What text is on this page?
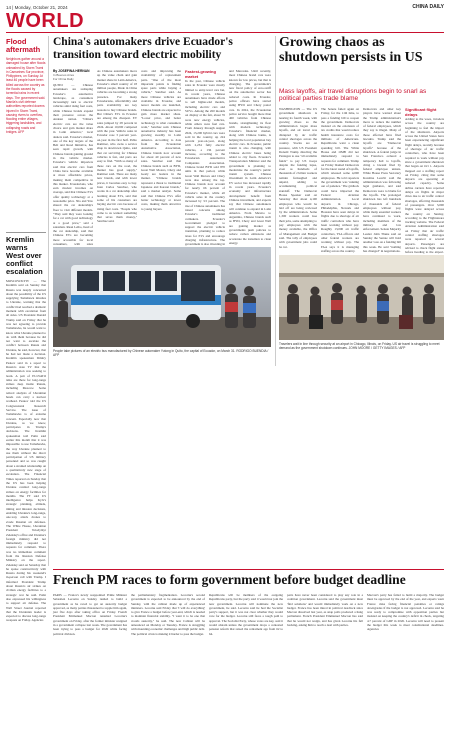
14 | Monday, October 21, 2024	CHINA DAILY
WORLD
Flood aftermath
Neighbors gather around a damaged house after floods unleashed by Storm Trami in Camarines Sur province, Philippines, on Sunday. At least 46 people have been killed across the country as the floods caused by torrential rains in recent days. The government said. Manila's civil defense authorities reported dozens injured in Storm Trami, causing rivers to overflow, flooding entire villages, triggering landslides, and collapsing roads and bridges. AFP
Kremlin warns West over conflict escalation
MOSCOW/KYIV — The Kremlin said on Sunday that Russia was deeply concerned about the possibility of the US supplying Tomahawk missiles to Ukraine, warning that the conflict had reached a dramatic moment with escalation from all sides. US President Donald Trump said on Friday that he was not agreeing to provide Tomahawks, he would want to know what Ukraine planned to do with them because he did not want to escalate the conflict between Russia and Ukraine, he said, however, that he had not made a decision. Kremlin spokesman Dmitry Peskov said in a report to Russia's state TV that the administration was seeking to learn. A pair of EU-NATO talks are there for long-range strikes deep inside Russia, including Moscow. Some retired analysts of Ukrainian heads can carry a nuclear warhead. Peskov told the US Congressional Research Service. The issue of Tomahawks is of extreme concern. Especially now that Ukraine, as we know, participates in Trump's decisions. The Kremlin spokesman told Putin said earlier this month that it was impossible to use Tomahawks, the way Ukraine planned to use them without the direct participation of US military personnel and so was caught about a strained relationship on a qualitatively new stage of escalation. The Financial Times reported on Sunday that the US has been helping Ukraine conduct long-range strikes on energy facilities for months. The FT said US intelligence helps Kyiv's strategic planning, altitude, timing and mission decisions, enabling Ukraine's long-range, one-way attack drones to evade Russian air defenses. The White House, Ukrainian President Volodymyr Zelensky's office and Ukraine's foreign ministry did not immediately respond to requests for comment. There was no immediate comment from the Russian Defense Ministry on the report. Zelensky said on Saturday that he spoke constructively with Russia during his weekend's in-person call with Trump. I informed President Trump about Russia's air strikes on civilian energy facilities to a strategic war he said. Putin also expressed his willingness to support air defense. The Wall Street Journal reported that the Ukrainian leader is expected to discuss long-range weapons on Friday. Agencies
China's automakers drive Ecuador's transition toward electric mobility
By JOSEFINA HERNAN
In Buenos Aires
For China Daily
QUITO — Chinese automakers are reshaping Ecuador's automotive landscape, as consumers increasingly turn to electric vehicles amid rising fuel costs, while Chinese brands expand their presence across the Andean nation. "China's electric cars are the value choice and gain market share in Latin America," local dealers said. Ecuador's market, one of the key targets of the Belt and Road Initiative, has seen rapid growth, with Chinese brands gaining ground in the vehicle market. Ecuador's vehicle importers said that electric cars from China have become available at more affordable prices, making them competitive in this market. Ecuadorians, who earn modest incomes on average, said that Chinese EVs offer quality technology at a reasonable price. Nia and Yaw shared the car dealership's floor to visit different models. "They said they were looking for a car with good technology at a good price," said a salesman. Ruan Leibo, head of the car dealership, said that Chinese EVs are becoming more accessible for local consumers, with sales
As Chinese automakers move up the value chain and gain market share in Latin America, Ecuador's small country of 18 million people, Made in China vehicles are becoming a strong presence. For many Ecuadorians, affordability and parts availability are key reasons to buy Chinese brands. But China's EVs in Ecuador are among the cheapest. EV sales jumped by 28 percent in 2024. About 10,000 compared with the year. Vehicle sales in Ecuador rose 3 percent year-on-year in the first half. Pablo Ramirez, who owns a service shop in downtown Quito, said that car servicing for Chinese vehicles is fast, and parts are easy to find. "With so many of these cars on the road, the market has good supply," Ramirez said. There are many new brands, and with lower prices, it becomes easy to buy. Juan Carlos Sanchez, who works in a car dealership after learning about EVs, said that some of his customers are buying electric cars because of rising fuel costs. "People who come to us wanted something that saves them money," Sanchez said.
costs and improving the availability of replacement parts. "One of the most important points is finding spare parts while buying a vehicle," Sanchez said. As more Chinese vehicles are available in Ecuador, and newer models are launched, Chinese brands are expected to gain more market share. "Lower price, and better technology is what consumers want," Sanchez said. Chinese automotive industry has been growing steadily in Latin America. According to data from the Ecuadorian Automotive Association, Chinese brands now account for about 40 percent of new sales. Sanchez said that Chinese brands such as BYD, Great Wall Motors, Chery and Geely are leaders in the market. "Chinese brands represent a threat to traditional Japanese and Korean brands," said a market analyst. Some said that Chinese EVs offer better technology at lower costs, making them attractive to young buyers.
Fastest-growing market
In the past, Chinese vehicle sales in Ecuador were mostly limited to entry-level cars but, in recent years, Chinese automakers have made efforts to sell higher-end models, including electric cars and SUVs. Among the 260 models on display at the fair, about 76 were new energy vehicles, while others were fuel cars. From January through August 2024, 13,200 hybrid cars were sold in the country, up 224 percent year-on-year, along with 2,234 fully electric vehicles, a 136 percent increase, according to the Ecuadorian Automotive Companies Association. Chinese brand BYD sold 870 units in that period, while Great Wall Motors and Chery were also among the top. Chinese brands now account for nearly 66 percent of Ecuador's market, while all vehicle sales in the country increased by 3.5 percent. The rise of Chinese automakers has raised concerns among Ecuador's traditional carmakers. Ecuador's Government pledged to support the electric vehicle transition, planning to reduce taxes for EVs and encourage charging infrastructure. The government is also investing in
and Mercedes. Until recently, most Chinese brand cars were known for low prices, but that is changing. The government's new fiscal policy of zero-tariff on the automotive sector has reduced costs. In Ecuador, police officers have started using BYD and Chery patrol cars. In 2024, the Ecuadorian police service bought more than 400 vehicles from Chinese brands, strengthening its fleet with modern technology. Ecuador's financial market, along with Chinese banks, is helping the local population buy electric cars. In Ecuador, public transit is also changing, with Chinese electric buses being added to city fleets. Ecuador's Transportation Minister said the government is planning to modernize the country's public transit system. Chinese investment in Latin America's EV sector has increased rapidly in recent years. Ecuador's economy and infrastructure development benefit from Chinese investment, and experts say that Chinese automakers will continue to expand in Latin America. From Mexico to Argentina, Chinese brands such as BYD, Chery and Great Wall are gaining market as governments push policies to reduce carbon emissions and accelerate the transition to clean energy.
People take pictures of an electric bus manufactured by Chinese automaker Yutong in Quito, the capital of Ecuador, on March 31. RODRIGO BUENDIA / AFP
Growing chaos as shutdown persists in US
Mass layoffs, air travel disruptions begin to snarl as political parties trade blame
WASHINGTON — The US government shutdown is nearing its fourth week, with growing chaos as the administration began mass layoffs, and air travel was disrupted by air traffic control shortages across the country. Stocks are on pressure, with US President Donald Trump directing the Pentagon to use "all available funds" to pay US troops despite the funding lapse, even as hundreds of thousands of civilian workers remain furloughed and unpaid, adding to accumulating political standoff. The Democrat House Speaker said on Saturday that about 4,100 employees who would be laid off are being reviewed by the administration. Some 1,300 workers could lose their jobs, some attempting to pay employees with the money available, the Office of Management and Budget said. The tally of employees with government jobs could be cut.
The Senate failed again on Friday, for the 11th time, to pass a funding bill to reopen the government. Democrats insisted on the extension of tax credits that would reduce health insurance costs for millions of Americans. Republicans want a clean spending bill. The White House and OMB did not immediately respond to requests for comment. Trump on Friday blamed Democrats for the latest round of layoffs, which released some 4,000 employees. He told reporters the government was 'running out of patience.' The gridlock could have impacted the Federal Aviation Administration. Local airports in Chicago, Philadelphia, Newark and Houston have seen delays in flights due to shortage of air traffic controllers who have been working without pay. Roughly 13,000 air traffic controllers, TSA officers and other federal workers are working without pay. The FAA says it is managing staffing across the country.
Democrats and other key players have warned about the Trump administration's move to reduce the number of federal employees, which they say is illegal. Many of those affected have filed lawsuits. Trump said the layoffs are "Democrat layoffs" because of the shutdown. A federal judge in San Francisco ordered a temporary halt to layoffs, citing a lawsuit filed by federal employee unions. White House Press Secretary Karoline Leavitt said the administration was following legal guidance, and said Democrats were to blame for the layoffs. The prolonged shutdown has left hundreds of thousands of federal employees without pay, while many essential workers have continued to work, including members of the military and law enforcement. Senate Majority Leader John Thune said on Sunday the Senate will hold another vote on a funding bill this week. He said "nothing has changed" in negotiations.
Significant flight delays
Adding to the woes, travelers across the country are beginning to feel the impact of the shutdown. Airports across the United States have been experiencing significant flight delays, recently because of shortage of air traffic controllers, who have been required to work without pay since a government shutdown that began on Oct 1. Airports mapped out a staffing report on Friday, citing that some airports are operating at reduced capacity. Some airline carriers have reported delays on flights in major cities due to air traffic control shortages, affecting thousands of passengers. Over 3,000 flights were delayed across the country on Sunday, according to the FlightAware tracking website. The Federal Aviation Administration said on Friday that air traffic control staffing shortages were reported at several airports. Passengers are advised to check flight status before heading to the airport.
Travelers wait in line through security at an airport in Chicago, Illinois, on Friday. US air travel is struggling to meet demand as the government shutdown continues. JOHN MOORE / GETTY IMAGES / AFP
French PM races to form government before budget deadline
PARIS — France's newly reappointed Prime Minister Sebastien Lecornu on Sunday rushed to build a government as he raced to get an austerity budget approved, as many parties threatened to topple him again, just five days after taking office on Friday. French President Emmanuel Macron renamed Lecornu's government on Friday, after the former minister resigned in a government collapse last week. The government has been trying to pass a budget for 2026 while facing political division.
the parliamentary fragmentation. Lecornu's second government is expected to be announced by the end of Sunday, with the cabinet made up of experienced ministers. Lecornu said Friday that 'I will do everything' to give France a budget before year-end, which is needed to maintain financial stability. "I want it to be one that avoids austerity," he said. The new Cabinet will be announced on Monday or Tuesday. France is struggling with mounting economic challenges and high public debt. The political crisis is making it harder to pass the budget.
Republicans will be members of the outgoing Republicans party, but the party said it would not join the new government. Lecornu will nominate the new government, he said. Lecornu said he had the Socialist party's support, but it was not clear whether they would vote for the budget. Lecornu still faces a tough path to approval. The Socialist Party, whose votes are key, said it would abstain unless the government drops a contested pension reform that raised the retirement age from 62 to 64.
parts have never been considered to play any role in a coalition government. Lecornu said the government must 'find solutions' and would immediately work on a new budget. France has been mired in political deadlock since Macron dissolved last year, as snap polls produced a hung parliament. French President Emmanuel Macron has said that he would not resign, and has given Lecornu his full backing, asking him to reach a deal with parties.
Macron's party has failed to build a majority. The budget must be approved by the end of the year, and experts warn France risks facing financial penalties or ratings downgrades if the budget is not approved. Lecornu said he was ready to compromise with opposition parties but insisted on keeping the country's deficit in check, targeting 4.7 percent of GDP in 2026. Lecornu will need to present the budget this week to meet constitutional deadlines. Agencies
